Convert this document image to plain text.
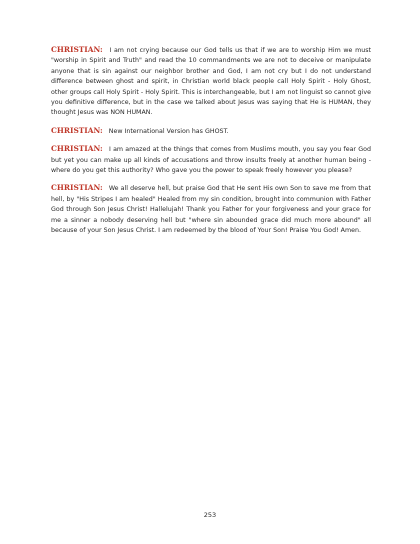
CHRISTIAN: I am not crying because our God tells us that if we are to worship Him we must "worship in Spirit and Truth" and read the 10 commandments we are not to deceive or manipulate anyone that is sin against our neighbor brother and God, I am not cry but I do not understand difference between ghost and spirit, in Christian world black people call Holy Spirit - Holy Ghost, other groups call Holy Spirit - Holy Spirit. This is interchangeable, but I am not linguist so cannot give you definitive difference, but in the case we talked about Jesus was saying that He is HUMAN, they thought Jesus was NON HUMAN.

CHRISTIAN: New International Version has GHOST.

CHRISTIAN: I am amazed at the things that comes from Muslims mouth, you say you fear God but yet you can make up all kinds of accusations and throw insults freely at another human being - where do you get this authority? Who gave you the power to speak freely however you please?

CHRISTIAN: We all deserve hell, but praise God that He sent His own Son to save me from that hell, by "His Stripes I am healed" Healed from my sin condition, brought into communion with Father God through Son Jesus Christ! Hallelujah! Thank you Father for your forgiveness and your grace for me a sinner a nobody deserving hell but "where sin abounded grace did much more abound" all because of your Son Jesus Christ. I am redeemed by the blood of Your Son! Praise You God! Amen.

253
